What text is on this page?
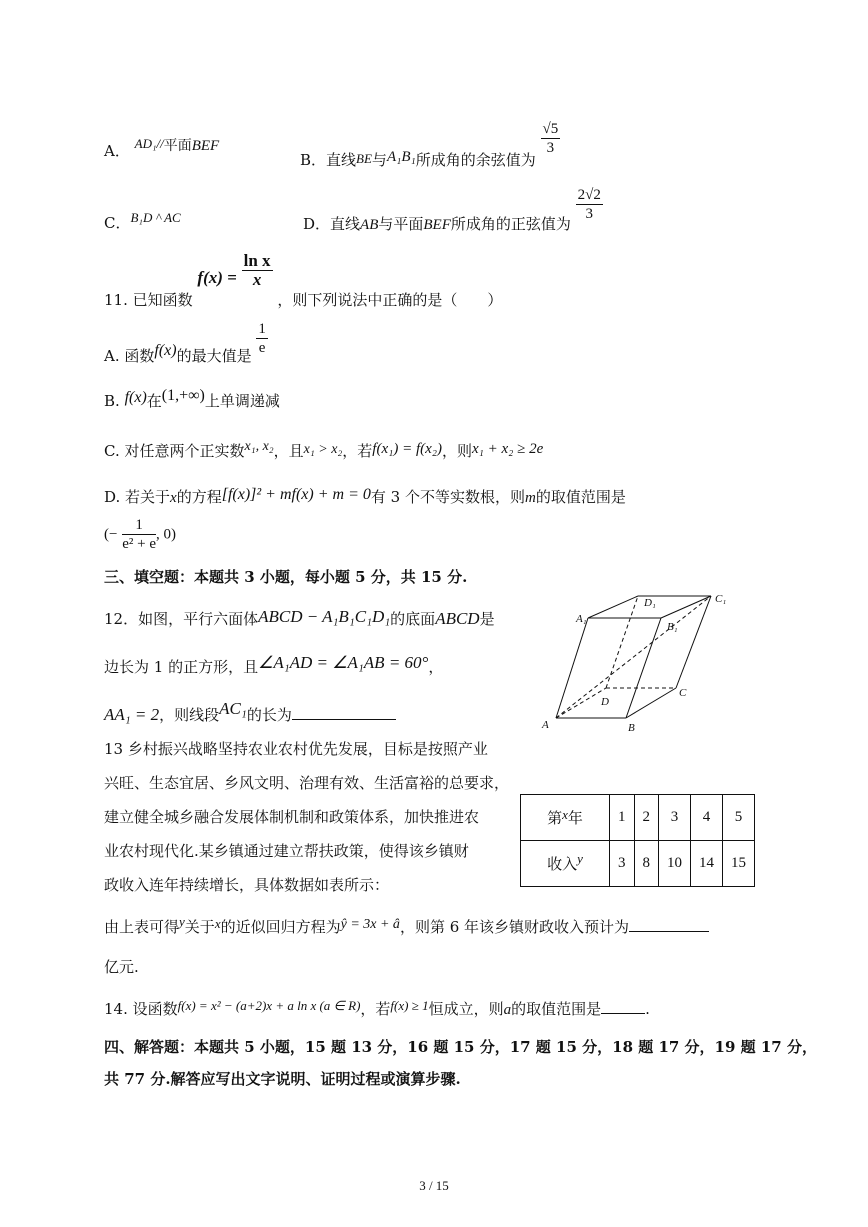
A． AD₁//平面BEF
B．直线BE与A₁B₁所成角的余弦值为
$\frac{√5}{3}$
C．B₁D ^ AC	D．直线AB与平面BEF所成角的正弦值为
$\frac{2√2}{3}$
11. 已知函数 $f(x) = \frac{\text{ln x}}{x}$
，则下列说法中正确的是（　　）
A. 函数f(x)的最大值是 $\frac{1}{e}$
B. f(x)在(1,+∞)上单调递减
C. 对任意两个正实数x₁, x₂，且x₁ > x₂，若f(x₁) = f(x₂)，则x₁ + x₂ ≥ 2e
D. 若关于x的方程[f(x)]² + mf(x) + m = 0有 3 个不等实数根，则m的取值范围是
(− $\frac{1}{\text{e² + e}}$ , 0)
三、填空题：本题共 3 小题，每小题 5 分，共 15 分.
12．如图，平行六面体ABCD − A₁B₁C₁D₁的底面ABCD是
边长为 1 的正方形，且∠A₁AD = ∠A₁AB = 60°，
AA₁ = 2，则线段AC₁的长为
A	B
C
D
A₁
B₁
C₁
D₁
13 乡村振兴战略坚持农业农村优先发展，目标是按照产业
兴旺、生态宜居、乡风文明、治理有效、生活富裕的总要求，
建立健全城乡融合发展体制机制和政策体系，加快推进农
业农村现代化.某乡镇通过建立帮扶政策，使得该乡镇财
政收入连年持续增长，具体数据如表所示：
第x年	1	2	3	4	5
收入y	3	8	10	14	15
由上表可得y关于x的近似回归方程为ŷ = 3x + â，则第 6 年该乡镇财政收入预计为
亿元.
14. 设函数f(x) = x² − (a+2)x + a ln x (a ∈ R)，若f(x) ≥ 1恒成立，则a的取值范围是	.
四、解答题：本题共 5 小题，15 题 13 分，16 题 15 分，17 题 15 分，18 题 17 分，19 题 17 分，
共 77 分.解答应写出文字说明、证明过程或演算步骤.
3 / 15
